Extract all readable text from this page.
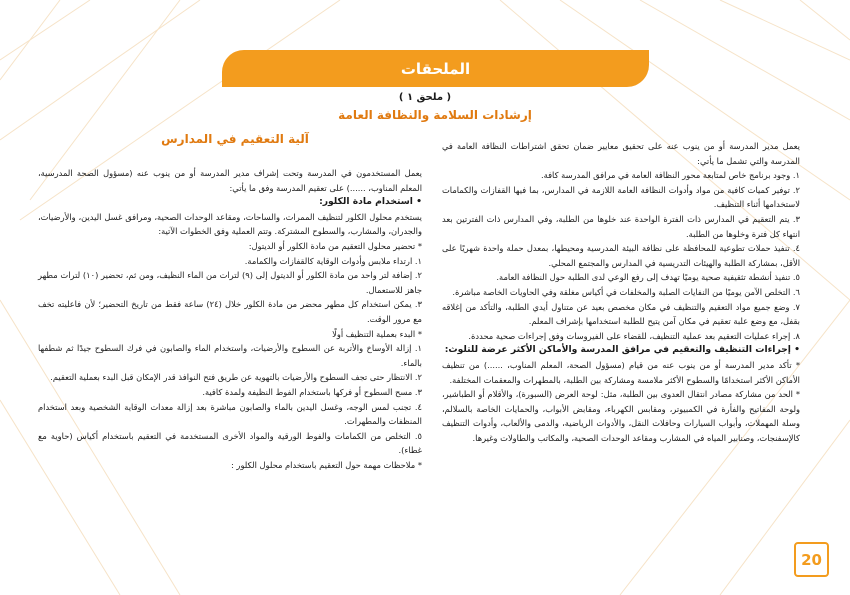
الملحقات
( ملحق ١ )
إرشادات السلامة والنظافة العامة
آلية التعقيم في المدارس	يعمل مدير المدرسة أو من ينوب عنه على تحقيق معايير ضمان تحقق اشتراطات النظافة العامة في المدرسة والتي تشمل ما يأتي:

١. وجود برنامج خاص لمتابعة محور النظافة العامة في مرافق المدرسة كافة.

٢. توفير كميات كافية من مواد وأدوات النظافة العامة اللازمة في المدارس، بما فيها القفازات والكمامات لاستخدامها أثناء التنظيف.

٣. يتم التعقيم في المدارس ذات الفترة الواحدة عند خلوها من الطلبة، وفي المدارس ذات الفترتين بعد انتهاء كل فترة وخلوها من الطلبة.

٤. تنفيذ حملات تطوعية للمحافظة على نظافة البيئة المدرسية ومحيطها، بمعدل حملة واحدة شهريًا على الأقل، بمشاركة الطلبة والهيئات التدريسية في المدارس والمجتمع المحلي.

٥. تنفيذ أنشطة تثقيفية صحية يوميًا تهدف إلى رفع الوعي لدى الطلبة حول النظافة العامة.

٦. التخلص الآمن يوميًا من النفايات الصلبة والمخلفات في أكياس مغلقة وفي الحاويات الخاصة مباشرة.

٧. وضع جميع مواد التعقيم والتنظيف في مكان مخصص بعيد عن متناول أيدي الطلبة، والتأكد من إغلاقه بقفل، مع وضع علبة تعقيم في مكان آمن يتيح للطلبة استخدامها بإشراف المعلم.

٨. إجراء عمليات التعقيم بعد عملية التنظيف، للقضاء على الفيروسات وفق إجراءات صحية محددة.

• إجراءات التنظيف والتعقيم في مرافق المدرسة والأماكن الأكثر عرضة للتلوث:

* تأكد مدير المدرسة أو من ينوب عنه من قيام (مسؤول الصحة، المعلم المناوب، ......) من تنظيف الأماكن الأكثر استخدامًا والسطوح الأكثر ملامسة ومشاركة بين الطلبة، بالمطهرات والمعقمات المختلفة.

* الحد من مشاركة مصادر انتقال العدوى بين الطلبة، مثل: لوحة العرض (السبورة)، والأقلام أو الطباشير، ولوحة المفاتيح والفأرة في الكمبيوتر، ومقابس الكهرباء، ومقابض الأبواب، والحمايات الخاصة بالسلالم، وسلة المهملات، وأبواب السيارات وحافلات النقل، والأدوات الرياضية، والدمى والألعاب، وأدوات التنظيف كالإسفنجات، وصنابير المياه في المشارب ومقاعد الوحدات الصحية، والمكاتب والطاولات وغيرها.

يعمل المستخدمون في المدرسة وتحت إشراف مدير المدرسة أو من ينوب عنه (مسؤول الصحة المدرسية، المعلم المناوب، ......) على تعقيم المدرسة وفق ما يأتي:

• استخدام مادة الكلور:

يستخدم محلول الكلور لتنظيف الممرات، والساحات، ومقاعد الوحدات الصحية، ومرافق غسل اليدين، والأرضيات، والجدران، والمشارب، والسطوح المشتركة. وتتم العملية وفق الخطوات الآتية:

* تحضير محلول التعقيم من مادة الكلور أو الديتول:

١. ارتداء ملابس وأدوات الوقاية كالقفازات والكمامة.

٢. إضافة لتر واحد من مادة الكلور أو الديتول إلى (٩) لترات من الماء النظيف، ومن ثم، تحضير (١٠) لترات مطهر جاهز للاستعمال.

٣. يمكن استخدام كل مطهر محضر من مادة الكلور خلال (٢٤) ساعة فقط من تاريخ التحضير؛ لأن فاعليته تخف مع مرور الوقت.

* البدء بعملية التنظيف أولًا

١. إزالة الأوساخ والأتربة عن السطوح والأرضيات، واستخدام الماء والصابون في فرك السطوح جيدًا ثم شطفها بالماء.

٢. الانتظار حتى تجف السطوح والأرضيات بالتهوية عن طريق فتح النوافذ قدر الإمكان قبل البدء بعملية التعقيم.

٣. مسح السطوح أو فركها باستخدام الفوط النظيفة ولمدة كافية.

٤. تجنب لمس الوجه، وغسل اليدين بالماء والصابون مباشرة بعد إزالة معدات الوقاية الشخصية وبعد استخدام المنظفات والمطهرات.

٥. التخلص من الكمامات والفوط الورقية والمواد الأخرى المستخدمة في التعقيم باستخدام أكياس (حاوية مع غطاء).

* ملاحظات مهمة حول التعقيم باستخدام محلول الكلور :

20
